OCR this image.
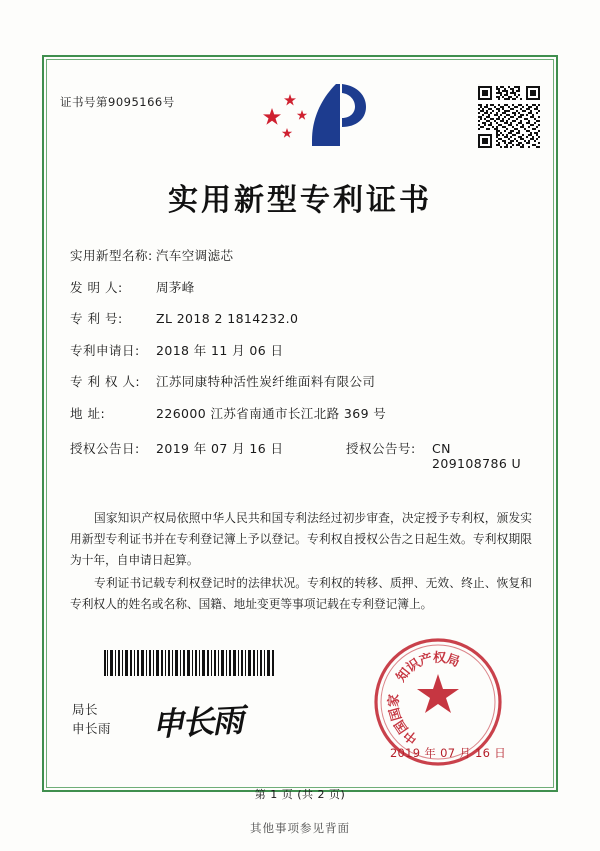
证书号第9095166号
实用新型专利证书
实用新型名称: 汽车空调滤芯
发 明 人:	周茅峰
专 利 号:	ZL 2018 2 1814232.0
专利申请日:	2018 年 11 月 06 日
专 利 权 人:	江苏同康特种活性炭纤维面料有限公司
地 址:	226000 江苏省南通市长江北路 369 号
授权公告日:	2019 年 07 月 16 日	授权公告号:	CN 209108786 U

国家知识产权局依照中华人民共和国专利法经过初步审查，决定授予专利权，颁发实用新型专利证书并在专利登记簿上予以登记。专利权自授权公告之日起生效。专利权期限为十年，自申请日起算。

专利证书记载专利权登记时的法律状况。专利权的转移、质押、无效、终止、恢复和专利权人的姓名或名称、国籍、地址变更等事项记载在专利登记簿上。

局长
申长雨 申长雨
知
识
产
权
局
家
国
国
中
2019 年 07 月 16 日
第 1 页 (共 2 页)
其他事项参见背面
